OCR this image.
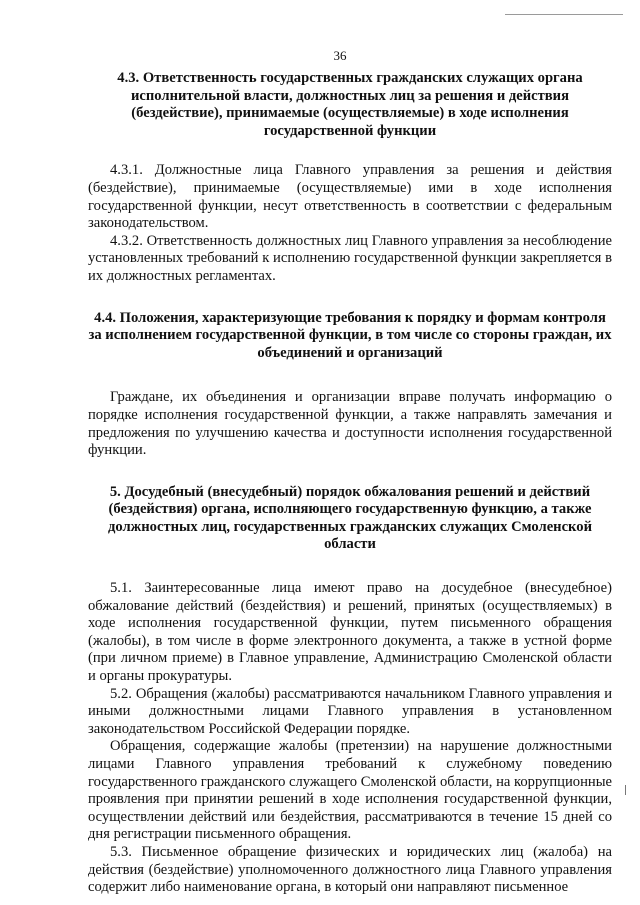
36

4.3. Ответственность государственных гражданских служащих органа исполнительной власти, должностных лиц за решения и действия (бездействие), принимаемые (осуществляемые) в ходе исполнения государственной функции

4.3.1. Должностные лица Главного управления за решения и действия (бездействие), принимаемые (осуществляемые) ими в ходе исполнения государственной функции, несут ответственность в соответствии с федеральным законодательством.

4.3.2. Ответственность должностных лиц Главного управления за несоблюдение установленных требований к исполнению государственной функции закрепляется в их должностных регламентах.

4.4. Положения, характеризующие требования к порядку и формам контроля за исполнением государственной функции, в том числе со стороны граждан, их объединений и организаций

Граждане, их объединения и организации вправе получать информацию о порядке исполнения государственной функции, а также направлять замечания и предложения по улучшению качества и доступности исполнения государственной функции.

5. Досудебный (внесудебный) порядок обжалования решений и действий (бездействия) органа, исполняющего государственную функцию, а также должностных лиц, государственных гражданских служащих Смоленской области

5.1. Заинтересованные лица имеют право на досудебное (внесудебное) обжалование действий (бездействия) и решений, принятых (осуществляемых) в ходе исполнения государственной функции, путем письменного обращения (жалобы), в том числе в форме электронного документа, а также в устной форме (при личном приеме) в Главное управление, Администрацию Смоленской области и органы прокуратуры.

5.2. Обращения (жалобы) рассматриваются начальником Главного управления и иными должностными лицами Главного управления в установленном законодательством Российской Федерации порядке.

Обращения, содержащие жалобы (претензии) на нарушение должностными лицами Главного управления требований к служебному поведению государственного гражданского служащего Смоленской области, на коррупционные проявления при принятии решений в ходе исполнения государственной функции, осуществлении действий или бездействия, рассматриваются в течение 15 дней со дня регистрации письменного обращения.

5.3. Письменное обращение физических и юридических лиц (жалоба) на действия (бездействие) уполномоченного должностного лица Главного управления содержит либо наименование органа, в который они направляют письменное
